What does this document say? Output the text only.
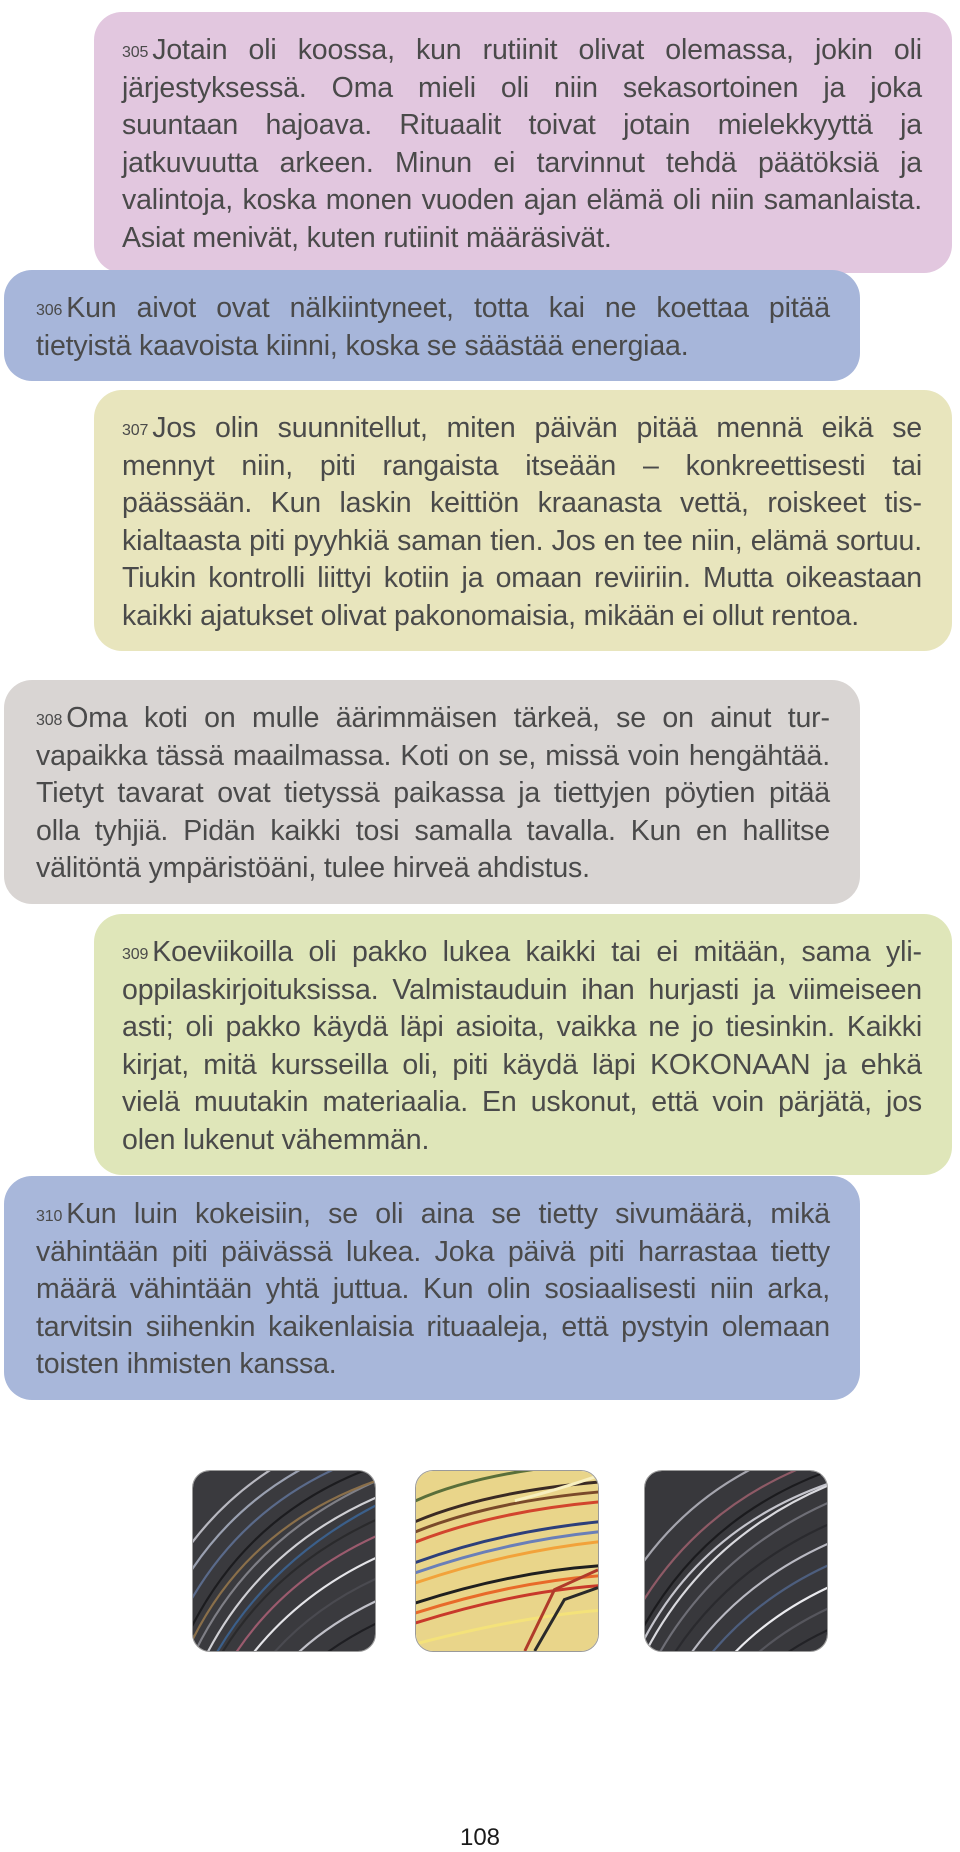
$^{305}$ Jotain oli koossa, kun rutiinit olivat olemassa, jokin oli järjestyksessä. Oma mieli oli niin sekasortoinen ja joka suuntaan hajoava. Rituaalit toivat jotain mielekkyyttä ja jatkuvuutta arkeen. Minun ei tarvinnut tehdä päätöksiä ja valintoja, koska monen vuoden ajan elämä oli niin samanlaista. Asiat menivät, kuten rutiinit määräsivät.
$^{306}$ Kun aivot ovat nälkiintyneet, totta kai ne koettaa pitää tietyistä kaavoista kiinni, koska se säästää energiaa.
$^{307}$ Jos olin suunnitellut, miten päivän pitää mennä eikä se mennyt niin, piti rangaista itseään – konkreettisesti tai päässään. Kun laskin keittiön kraanasta vettä, roiskeet tiskialtaasta piti pyyhkiä saman tien. Jos en tee niin, elämä sortuu. Tiukin kontrolli liittyi kotiin ja omaan reviiriin. Mutta oikeastaan kaikki ajatukset olivat pakonomaisia, mikään ei ollut rentoa.
$^{308}$ Oma koti on mulle äärimmäisen tärkeä, se on ainut turvapaikka tässä maailmassa. Koti on se, missä voin hengähtää. Tietyt tavarat ovat tietyssä paikassa ja tiettyjen pöytien pitää olla tyhjiä. Pidän kaikki tosi samalla tavalla. Kun en hallitse välitöntä ympäristöäni, tulee hirveä ahdistus.
$^{309}$ Koeviikoilla oli pakko lukea kaikki tai ei mitään, sama ylioppilaskirjoituksissa. Valmistauduin ihan hurjasti ja viimeiseen asti; oli pakko käydä läpi asioita, vaikka ne jo tiesinkin. Kaikki kirjat, mitä kursseilla oli, piti käydä läpi KOKONAAN ja ehkä vielä muutakin materiaalia. En uskonut, että voin pärjätä, jos olen lukenut vähemmän.
$^{310}$ Kun luin kokeisiin, se oli aina se tietty sivumäärä, mikä vähintään piti päivässä lukea. Joka päivä piti harrastaa tietty määrä vähintään yhtä juttua. Kun olin sosiaalisesti niin arka, tarvitsin siihenkin kaikenlaisia rituaaleja, että pystyin olemaan toisten ihmisten kanssa.
108
